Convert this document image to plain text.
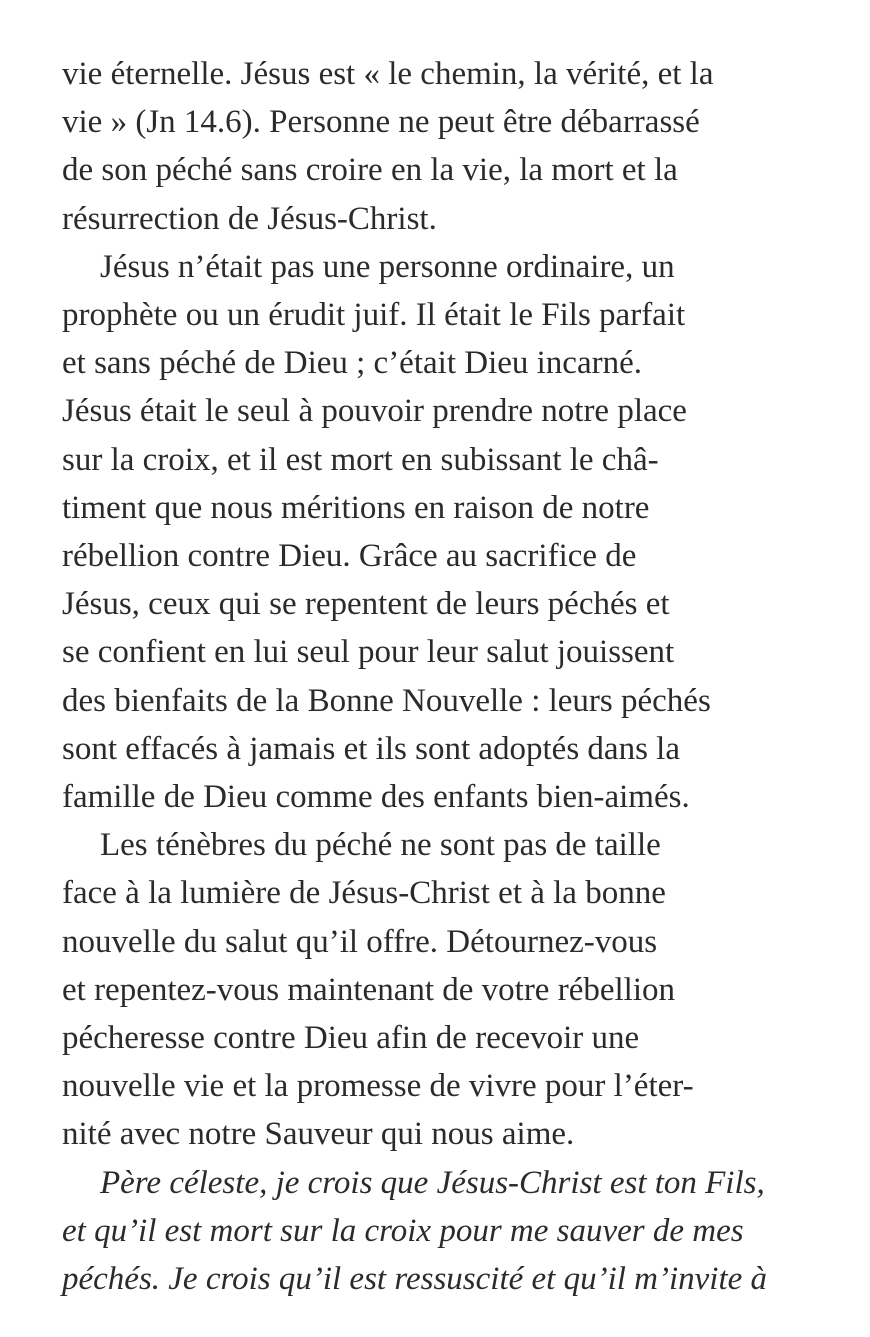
vie éternelle. Jésus est « le chemin, la vérité, et la
vie » (Jn 14.6). Personne ne peut être débarrassé
de son péché sans croire en la vie, la mort et la
résurrection de Jésus-Christ.
Jésus n’était pas une personne ordinaire, un
prophète ou un érudit juif. Il était le Fils parfait
et sans péché de Dieu ; c’était Dieu incarné.
Jésus était le seul à pouvoir prendre notre place
sur la croix, et il est mort en subissant le châ-
timent que nous méritions en raison de notre
rébellion contre Dieu. Grâce au sacrifice de
Jésus, ceux qui se repentent de leurs péchés et
se confient en lui seul pour leur salut jouissent
des bienfaits de la Bonne Nouvelle : leurs péchés
sont effacés à jamais et ils sont adoptés dans la
famille de Dieu comme des enfants bien-aimés.
Les ténèbres du péché ne sont pas de taille
face à la lumière de Jésus-Christ et à la bonne
nouvelle du salut qu’il offre. Détournez-vous
et repentez-vous maintenant de votre rébellion
pécheresse contre Dieu afin de recevoir une
nouvelle vie et la promesse de vivre pour l’éter-
nité avec notre Sauveur qui nous aime.
Père céleste, je crois que Jésus-Christ est ton Fils,
et qu’il est mort sur la croix pour me sauver de mes
péchés. Je crois qu’il est ressuscité et qu’il m’invite à
